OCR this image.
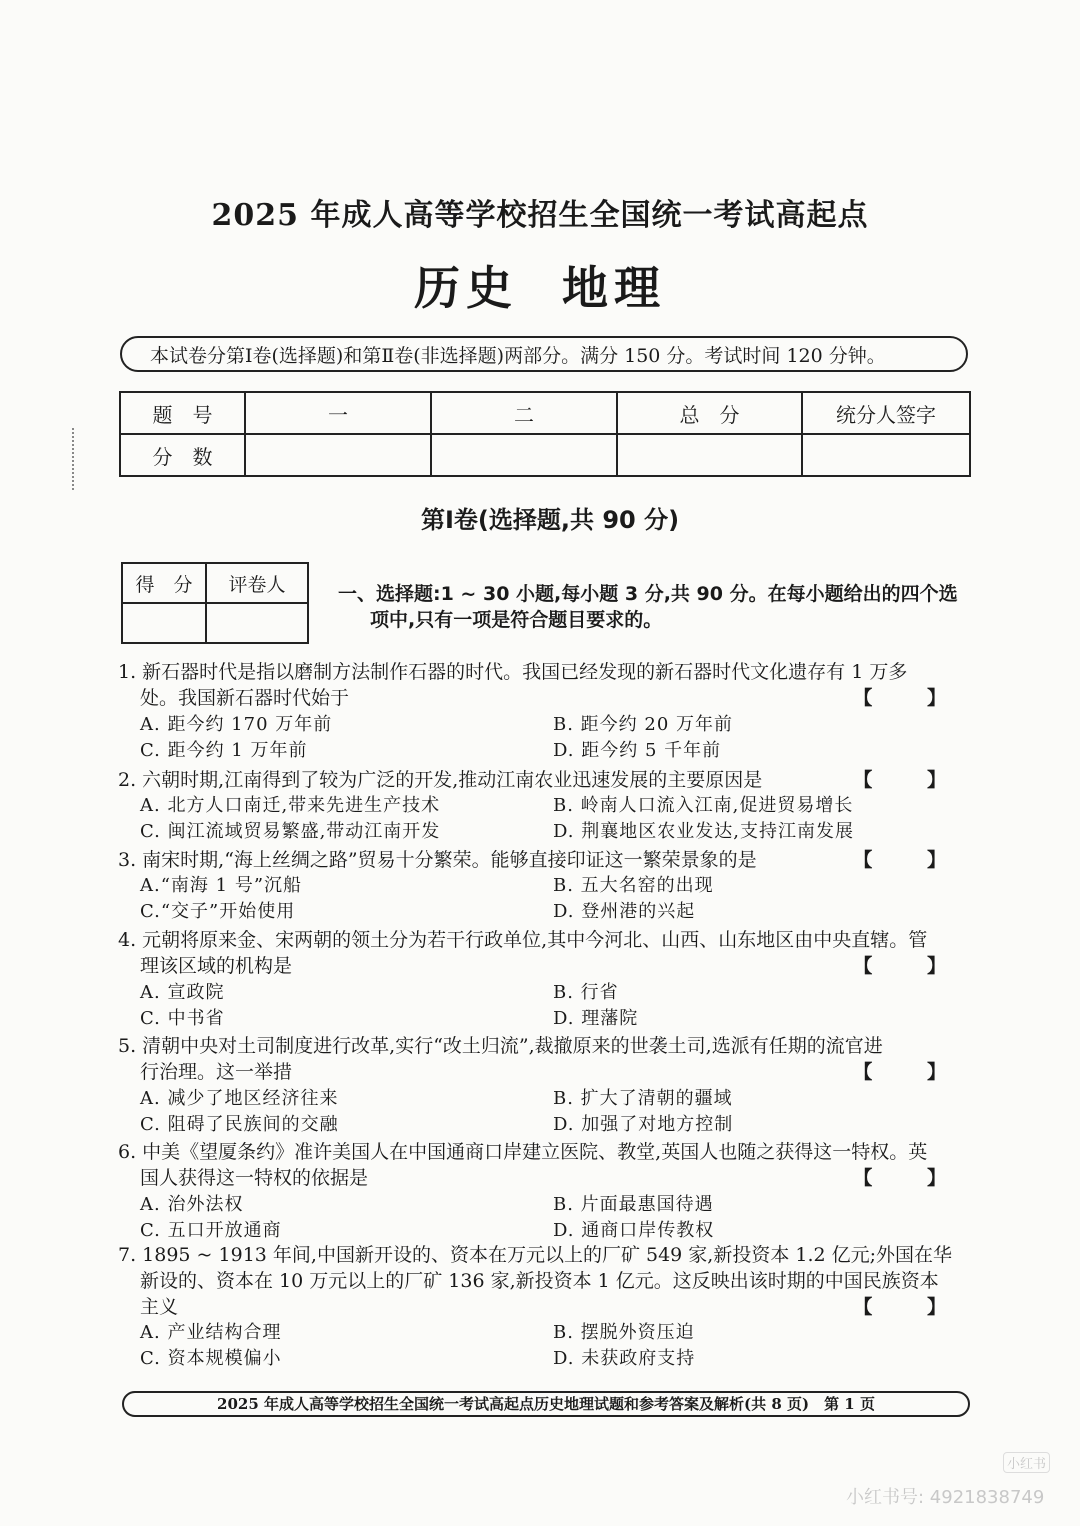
2025 年成人高等学校招生全国统一考试高起点
历史  地理
本试卷分第Ⅰ卷(选择题)和第Ⅱ卷(非选择题)两部分。满分 150 分。考试时间 120 分钟。
题　号	一	二	总　分	统分人签字
分　数				
第Ⅰ卷(选择题,共 90 分)
得　分	评卷人
		一、选择题:1 ~ 30 小题,每小题 3 分,共 90 分。在每小题给出的四个选
项中,只有一项是符合题目要求的。
1. 新石器时代是指以磨制方法制作石器的时代。我国已经发现的新石器时代文化遗存有 1 万多
处。我国新石器时代始于	【 】
A. 距今约 170 万年前	B. 距今约 20 万年前
C. 距今约 1 万年前	D. 距今约 5 千年前
2. 六朝时期,江南得到了较为广泛的开发,推动江南农业迅速发展的主要原因是	【 】
A. 北方人口南迁,带来先进生产技术	B. 岭南人口流入江南,促进贸易增长
C. 闽江流域贸易繁盛,带动江南开发	D. 荆襄地区农业发达,支持江南发展
3. 南宋时期,“海上丝绸之路”贸易十分繁荣。能够直接印证这一繁荣景象的是	【 】
A.“南海 1 号”沉船	B. 五大名窑的出现
C.“交子”开始使用	D. 登州港的兴起
4. 元朝将原来金、宋两朝的领土分为若干行政单位,其中今河北、山西、山东地区由中央直辖。管
理该区域的机构是	【 】
A. 宣政院	B. 行省
C. 中书省	D. 理藩院
5. 清朝中央对土司制度进行改革,实行“改土归流”,裁撤原来的世袭土司,选派有任期的流官进
行治理。这一举措	【 】
A. 减少了地区经济往来	B. 扩大了清朝的疆域
C. 阻碍了民族间的交融	D. 加强了对地方控制
6. 中美《望厦条约》准许美国人在中国通商口岸建立医院、教堂,英国人也随之获得这一特权。英
国人获得这一特权的依据是	【 】
A. 治外法权	B. 片面最惠国待遇
C. 五口开放通商	D. 通商口岸传教权
7. 1895 ~ 1913 年间,中国新开设的、资本在万元以上的厂矿 549 家,新投资本 1.2 亿元;外国在华
新设的、资本在 10 万元以上的厂矿 136 家,新投资本 1 亿元。这反映出该时期的中国民族资本
主义	【 】
A. 产业结构合理	B. 摆脱外资压迫
C. 资本规模偏小	D. 未获政府支持
2025 年成人高等学校招生全国统一考试高起点历史地理试题和参考答案及解析(共 8 页)　第 1 页
小红书
小红书号: 4921838749
